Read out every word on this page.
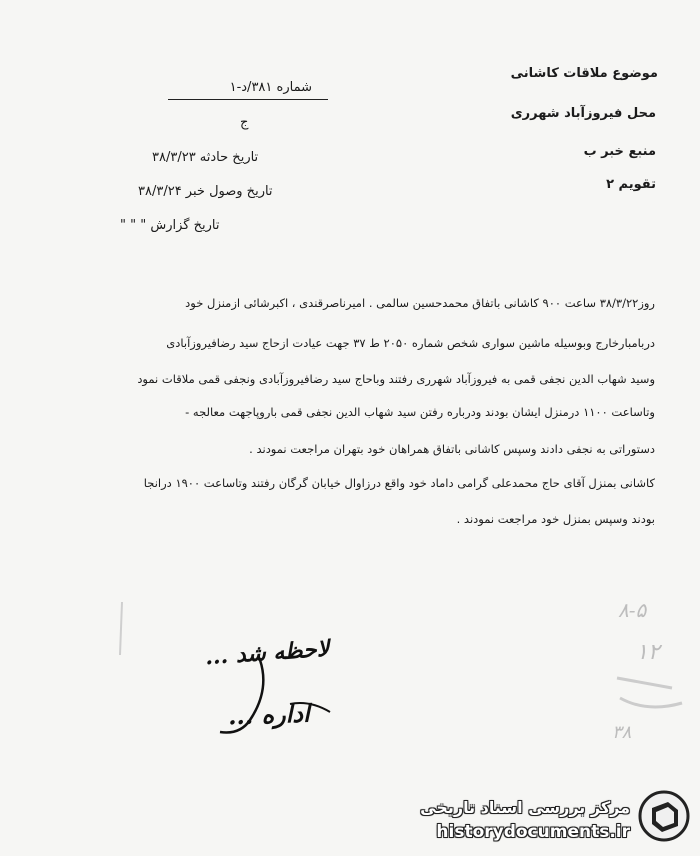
موضوع ملاقات کاشانی
محل فیروزآباد شهرری
منبع خبر ب
تقویم ۲
شماره ۳۸۱/د-۱
ج
تاریخ حادثه ۳۸/۳/۲۳
تاریخ وصول خبر ۳۸/۳/۲۴
تاریخ گزارش " " "
روز۳۸/۳/۲۲ ساعت ۹۰۰ کاشانی باتفاق محمدحسین سالمی . امیرناصرقندی ، اکبرشائی ازمنزل خود
دربامبارخارج وبوسیله ماشین سواری شخص شماره ۲۰۵۰ ط ۳۷ جهت عیادت ازحاج سید رضافیروزآبادی
وسید شهاب الدین نجفی قمی به فیروزآباد شهرری رفتند وباحاج سید رضافیروزآبادی ونجفی قمی ملاقات نمود
وتاساعت ۱۱۰۰ درمنزل ایشان بودند ودرباره رفتن سید شهاب الدین نجفی قمی باروپاجهت معالجه -
دستوراتی به نجفی دادند وسپس کاشانی باتفاق همراهان خود بتهران مراجعت نمودند .
کاشانی بمنزل آقای حاج محمدعلی گرامی داماد خود واقع درزاوال خیابان گرگان رفتند وتاساعت ۱۹۰۰ درانجا
بودند وسپس بمنزل خود مراجعت نمودند .
لاحظه شد ...
اداره ...
۸-۵
۱۲
۳۸
مرکز بررسی اسناد تاریخی
historydocuments.ir
